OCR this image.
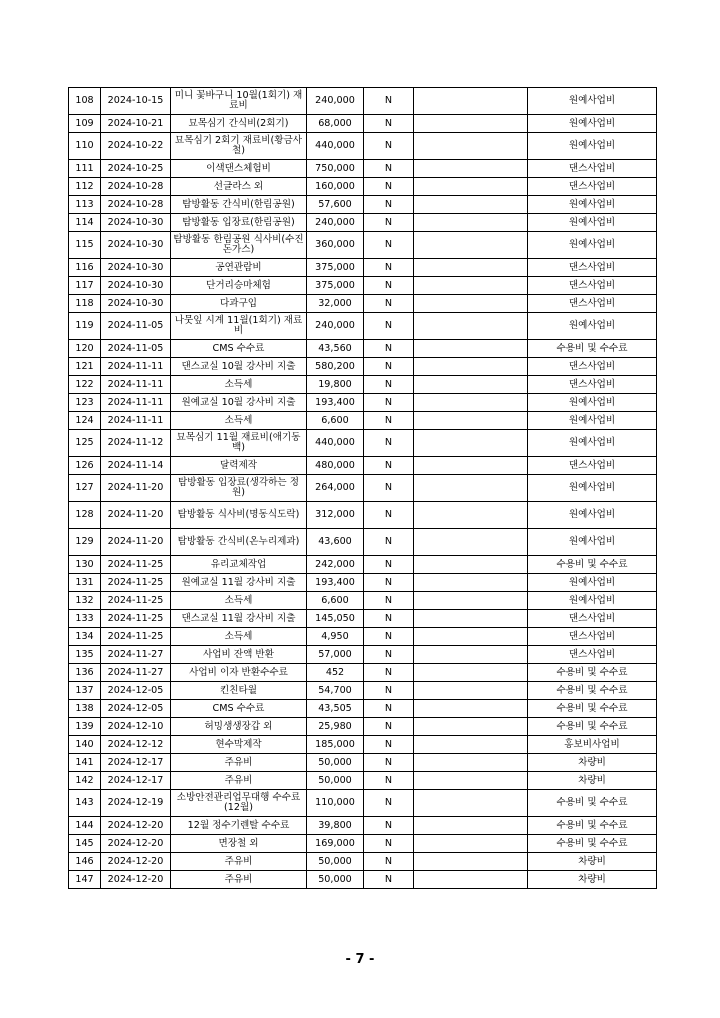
108	2024-10-15	미니 꽃바구니 10월(1회기) 재료비	240,000	N		원예사업비
109	2024-10-21	묘목심기 간식비(2회기)	68,000	N		원예사업비
110	2024-10-22	묘목심기 2회기 재료비(황금사철)	440,000	N		원예사업비
111	2024-10-25	이색댄스체험비	750,000	N		댄스사업비
112	2024-10-28	선글라스 외	160,000	N		댄스사업비
113	2024-10-28	탐방활동 간식비(한림공원)	57,600	N		원예사업비
114	2024-10-30	탐방활동 입장료(한림공원)	240,000	N		원예사업비
115	2024-10-30	탐방활동 한림공원 식사비(수진돈가스)	360,000	N		원예사업비
116	2024-10-30	공연관람비	375,000	N		댄스사업비
117	2024-10-30	단거리승마체험	375,000	N		댄스사업비
118	2024-10-30	다과구입	32,000	N		댄스사업비
119	2024-11-05	나뭇잎 시계 11월(1회기) 재료비	240,000	N		원예사업비
120	2024-11-05	CMS 수수료	43,560	N		수용비 및 수수료
121	2024-11-11	댄스교실 10월 강사비 지출	580,200	N		댄스사업비
122	2024-11-11	소득세	19,800	N		댄스사업비
123	2024-11-11	원예교실 10월 강사비 지출	193,400	N		원예사업비
124	2024-11-11	소득세	6,600	N		원예사업비
125	2024-11-12	묘목심기 11월 재료비(애기동백)	440,000	N		원예사업비
126	2024-11-14	달력제작	480,000	N		댄스사업비
127	2024-11-20	탐방활동 입장료(생각하는 정원)	264,000	N		원예사업비
128	2024-11-20	탐방활동 식사비(명동식도락)	312,000	N		원예사업비
129	2024-11-20	탐방활동 간식비(온누리제과)	43,600	N		원예사업비
130	2024-11-25	유리교체작업	242,000	N		수용비 및 수수료
131	2024-11-25	원예교실 11월 강사비 지출	193,400	N		원예사업비
132	2024-11-25	소득세	6,600	N		원예사업비
133	2024-11-25	댄스교실 11월 강사비 지출	145,050	N		댄스사업비
134	2024-11-25	소득세	4,950	N		댄스사업비
135	2024-11-27	사업비 잔액 반환	57,000	N		댄스사업비
136	2024-11-27	사업비 이자 반환수수료	452	N		수용비 및 수수료
137	2024-12-05	킨친타월	54,700	N		수용비 및 수수료
138	2024-12-05	CMS 수수료	43,505	N		수용비 및 수수료
139	2024-12-10	허밍생생장갑 외	25,980	N		수용비 및 수수료
140	2024-12-12	현수막제작	185,000	N		홍보비사업비
141	2024-12-17	주유비	50,000	N		차량비
142	2024-12-17	주유비	50,000	N		차량비
143	2024-12-19	소방안전관리업무대행 수수료(12월)	110,000	N		수용비 및 수수료
144	2024-12-20	12월 정수기렌탈 수수료	39,800	N		수용비 및 수수료
145	2024-12-20	면장철 외	169,000	N		수용비 및 수수료
146	2024-12-20	주유비	50,000	N		차량비
147	2024-12-20	주유비	50,000	N		차량비
- 7 -
